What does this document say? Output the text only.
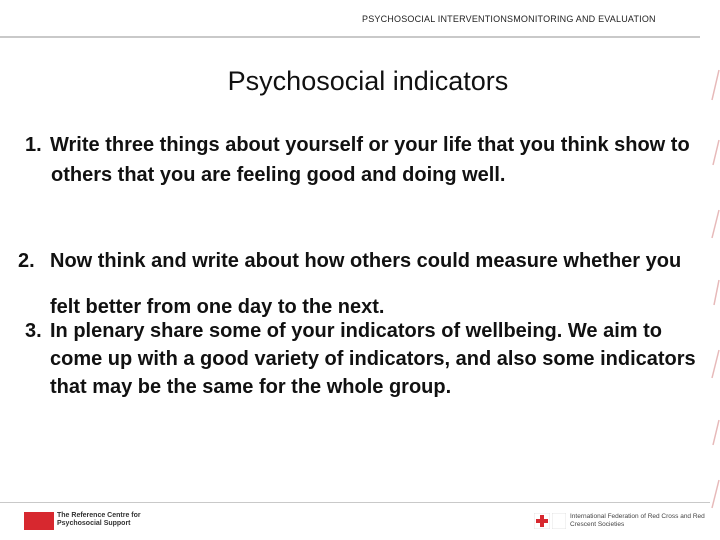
PSYCHOSOCIAL INTERVENTIONSMONITORING AND EVALUATION
Psychosocial indicators
1. Write three things about yourself or your life that you think show to others that you are feeling good and doing well.
2. Now think and write about how others could measure whether you felt better from one day to the next.
3. In plenary share some of your indicators of wellbeing. We aim to come up with a good variety of indicators, and also some indicators that may be the same for the whole group.
The Reference Centre for Psychosocial Support
International Federation of Red Cross and Red Crescent Societies
